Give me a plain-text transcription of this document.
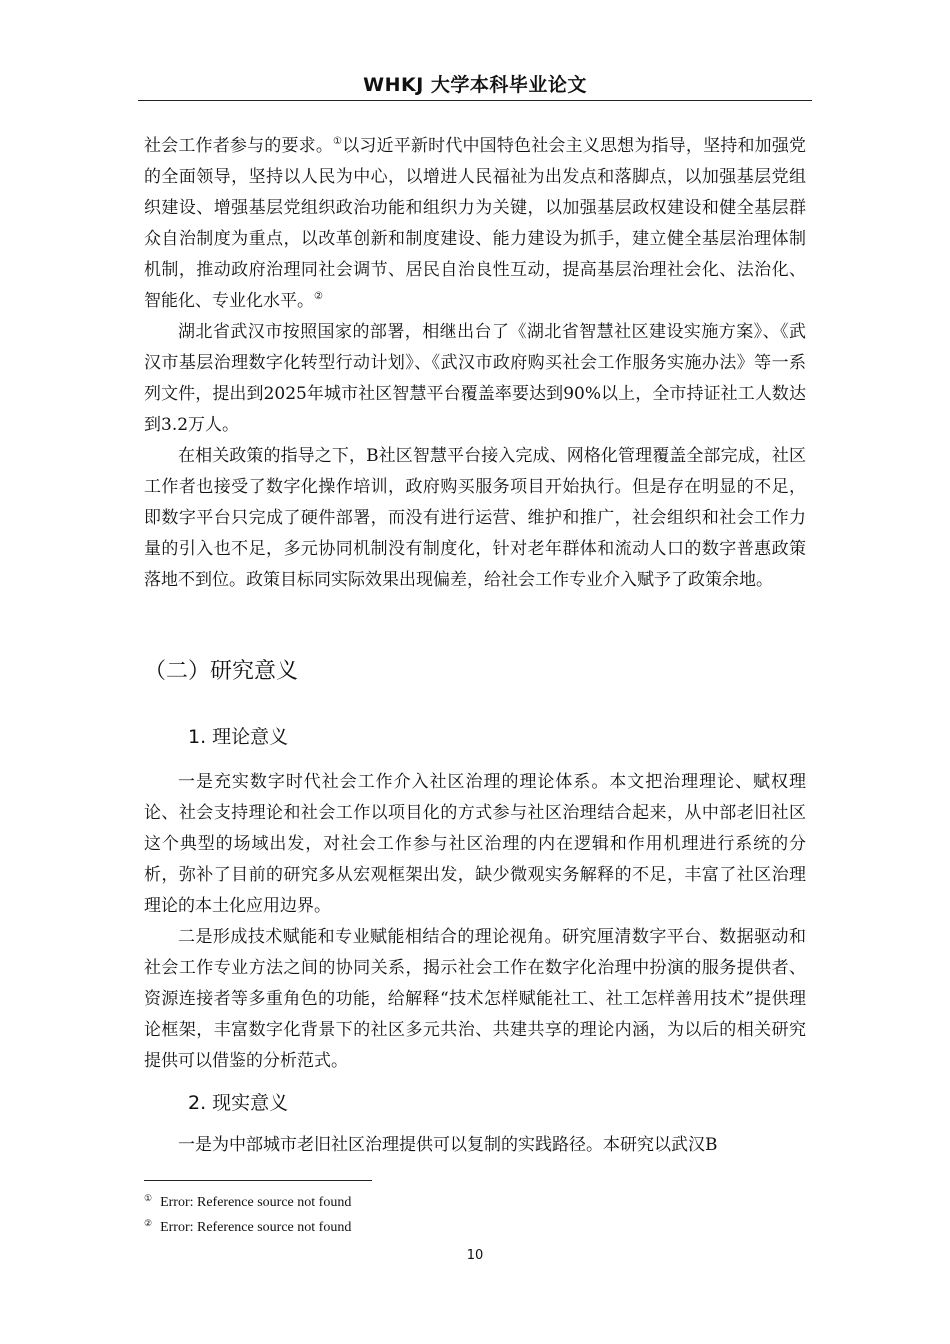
WHKJ 大学本科毕业论文

社会工作者参与的要求。①以习近平新时代中国特色社会主义思想为指导，坚持和加强党的全面领导，坚持以人民为中心，以增进人民福祉为出发点和落脚点，以加强基层党组织建设、增强基层党组织政治功能和组织力为关键，以加强基层政权建设和健全基层群众自治制度为重点，以改革创新和制度建设、能力建设为抓手，建立健全基层治理体制机制，推动政府治理同社会调节、居民自治良性互动，提高基层治理社会化、法治化、智能化、专业化水平。②

湖北省武汉市按照国家的部署，相继出台了《湖北省智慧社区建设实施方案》、《武汉市基层治理数字化转型行动计划》、《武汉市政府购买社会工作服务实施办法》等一系列文件，提出到2025年城市社区智慧平台覆盖率要达到90%以上，全市持证社工人数达到3.2万人。

在相关政策的指导之下，B社区智慧平台接入完成、网格化管理覆盖全部完成，社区工作者也接受了数字化操作培训，政府购买服务项目开始执行。但是存在明显的不足，即数字平台只完成了硬件部署，而没有进行运营、维护和推广，社会组织和社会工作力量的引入也不足，多元协同机制没有制度化，针对老年群体和流动人口的数字普惠政策落地不到位。政策目标同实际效果出现偏差，给社会工作专业介入赋予了政策余地。

（二）研究意义
1. 理论意义

一是充实数字时代社会工作介入社区治理的理论体系。本文把治理理论、赋权理论、社会支持理论和社会工作以项目化的方式参与社区治理结合起来，从中部老旧社区这个典型的场域出发，对社会工作参与社区治理的内在逻辑和作用机理进行系统的分析，弥补了目前的研究多从宏观框架出发，缺少微观实务解释的不足，丰富了社区治理理论的本土化应用边界。

二是形成技术赋能和专业赋能相结合的理论视角。研究厘清数字平台、数据驱动和社会工作专业方法之间的协同关系，揭示社会工作在数字化治理中扮演的服务提供者、资源连接者等多重角色的功能，给解释“技术怎样赋能社工、社工怎样善用技术”提供理论框架，丰富数字化背景下的社区多元共治、共建共享的理论内涵，为以后的相关研究提供可以借鉴的分析范式。

2. 现实意义

一是为中部城市老旧社区治理提供可以复制的实践路径。本研究以武汉B

① Error: Reference source not found
② Error: Reference source not found
10
